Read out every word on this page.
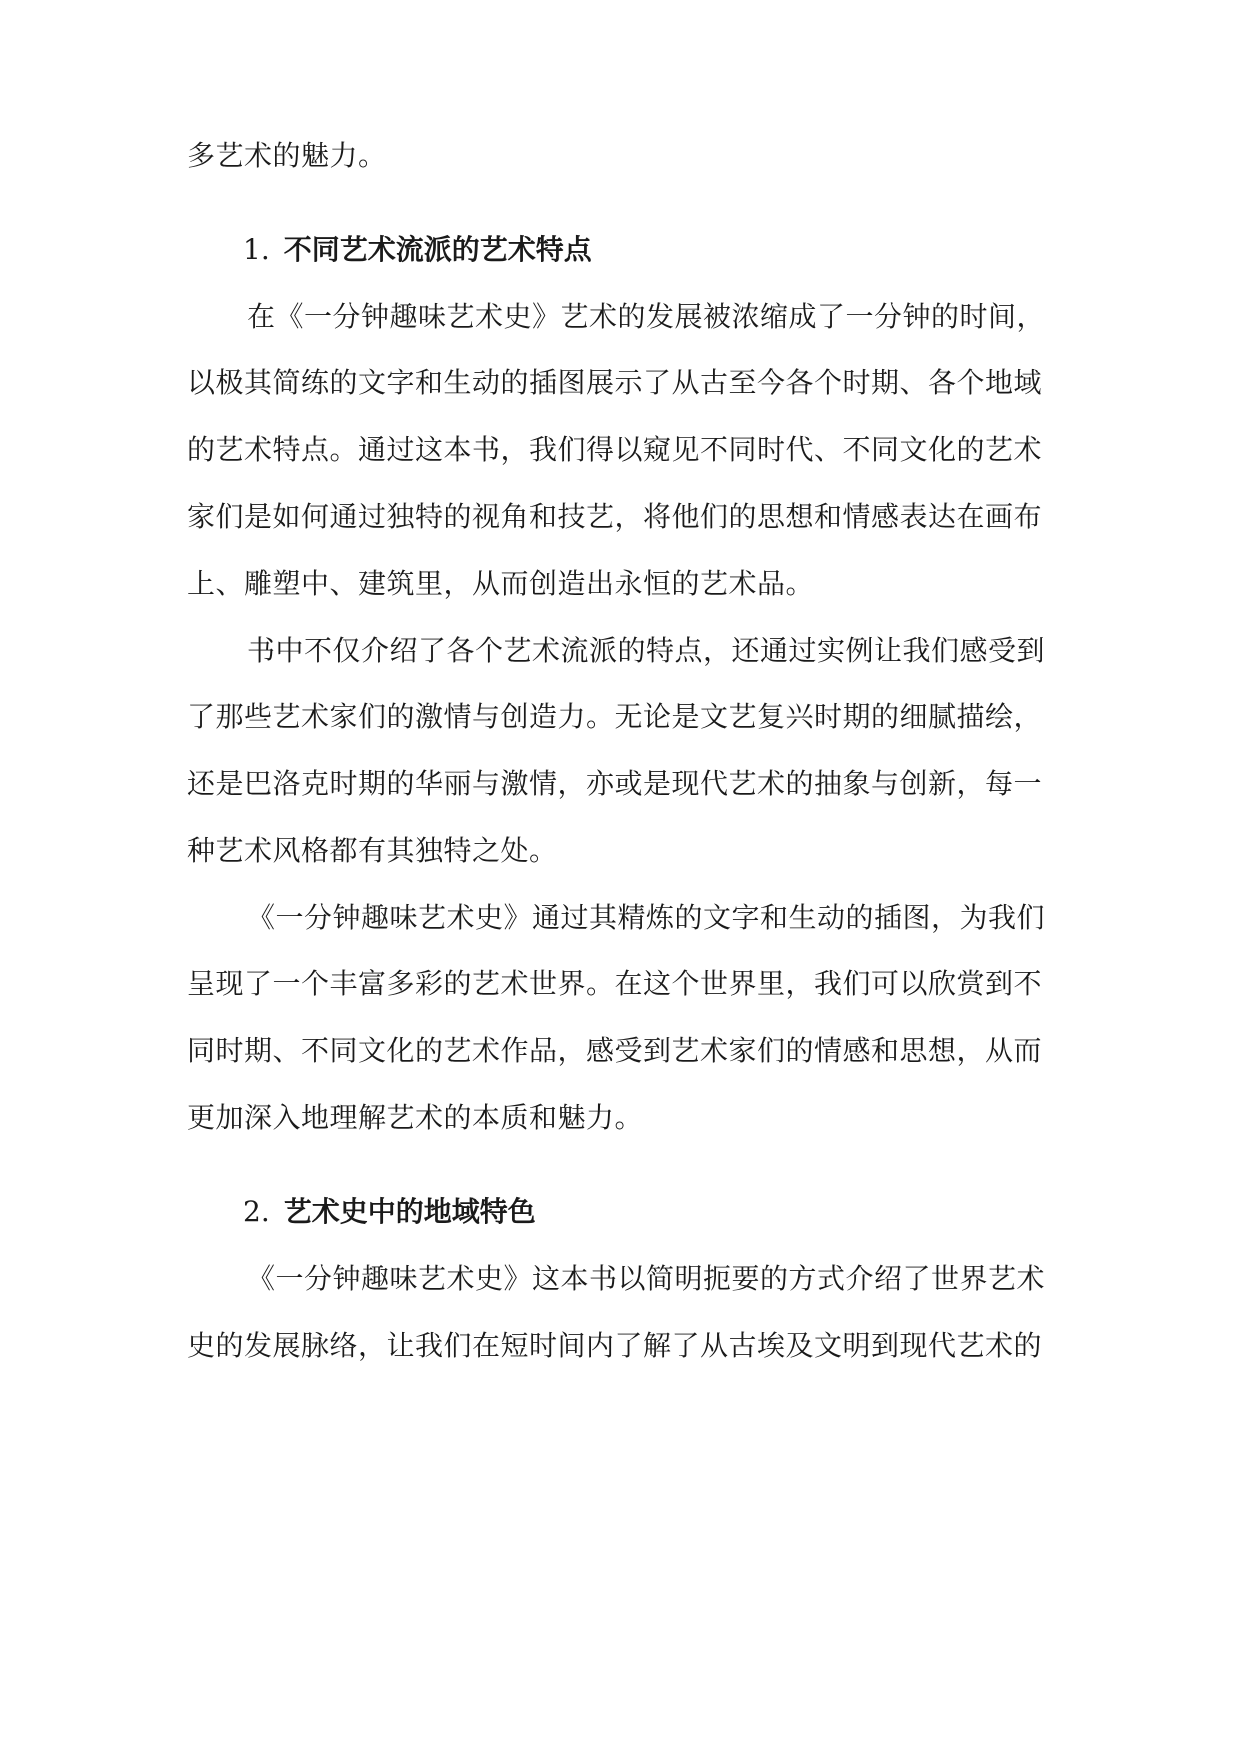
多艺术的魅力。
1. 不同艺术流派的艺术特点
在《一分钟趣味艺术史》艺术的发展被浓缩成了一分钟的时间，
以极其简练的文字和生动的插图展示了从古至今各个时期、各个地域
的艺术特点。通过这本书，我们得以窥见不同时代、不同文化的艺术
家们是如何通过独特的视角和技艺，将他们的思想和情感表达在画布
上、雕塑中、建筑里，从而创造出永恒的艺术品。
书中不仅介绍了各个艺术流派的特点，还通过实例让我们感受到
了那些艺术家们的激情与创造力。无论是文艺复兴时期的细腻描绘，
还是巴洛克时期的华丽与激情，亦或是现代艺术的抽象与创新，每一
种艺术风格都有其独特之处。
《一分钟趣味艺术史》通过其精炼的文字和生动的插图，为我们
呈现了一个丰富多彩的艺术世界。在这个世界里，我们可以欣赏到不
同时期、不同文化的艺术作品，感受到艺术家们的情感和思想，从而
更加深入地理解艺术的本质和魅力。
2. 艺术史中的地域特色
《一分钟趣味艺术史》这本书以简明扼要的方式介绍了世界艺术
史的发展脉络，让我们在短时间内了解了从古埃及文明到现代艺术的
